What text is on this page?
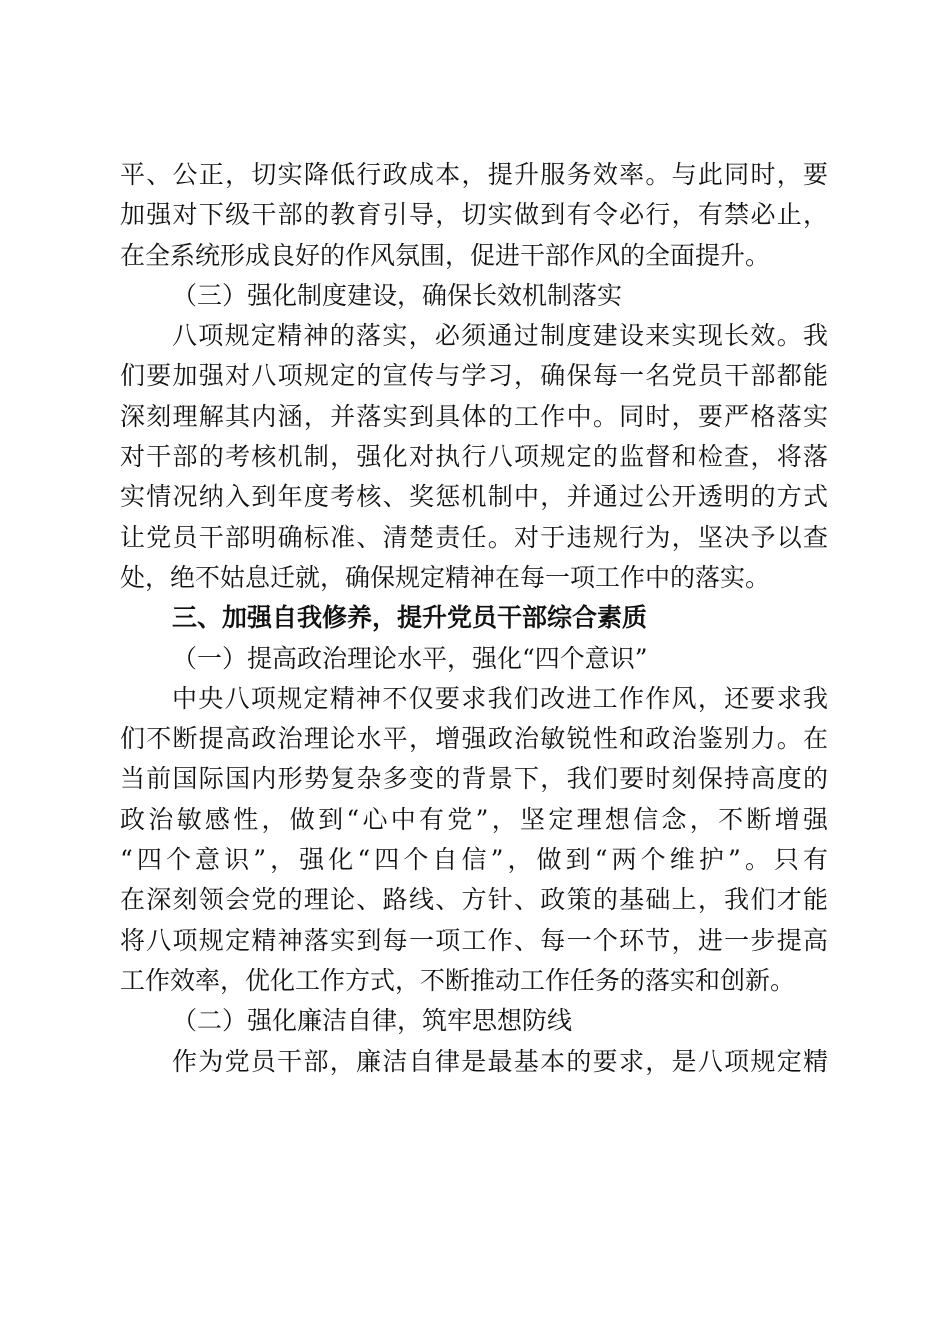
平、公正，切实降低行政成本，提升服务效率。与此同时，要
加强对下级干部的教育引导，切实做到有令必行，有禁必止，
在全系统形成良好的作风氛围，促进干部作风的全面提升。
（三）强化制度建设，确保长效机制落实
八项规定精神的落实，必须通过制度建设来实现长效。我
们要加强对八项规定的宣传与学习，确保每一名党员干部都能
深刻理解其内涵，并落实到具体的工作中。同时，要严格落实
对干部的考核机制，强化对执行八项规定的监督和检查，将落
实情况纳入到年度考核、奖惩机制中，并通过公开透明的方式
让党员干部明确标准、清楚责任。对于违规行为，坚决予以查
处，绝不姑息迁就，确保规定精神在每一项工作中的落实。
三、加强自我修养，提升党员干部综合素质
（一）提高政治理论水平，强化“四个意识”
中央八项规定精神不仅要求我们改进工作作风，还要求我
们不断提高政治理论水平，增强政治敏锐性和政治鉴别力。在
当前国际国内形势复杂多变的背景下，我们要时刻保持高度的
政治敏感性，做到“心中有党”，坚定理想信念，不断增强
“四个意识”，强化“四个自信”，做到“两个维护”。只有
在深刻领会党的理论、路线、方针、政策的基础上，我们才能
将八项规定精神落实到每一项工作、每一个环节，进一步提高
工作效率，优化工作方式，不断推动工作任务的落实和创新。
（二）强化廉洁自律，筑牢思想防线
作为党员干部，廉洁自律是最基本的要求，是八项规定精
